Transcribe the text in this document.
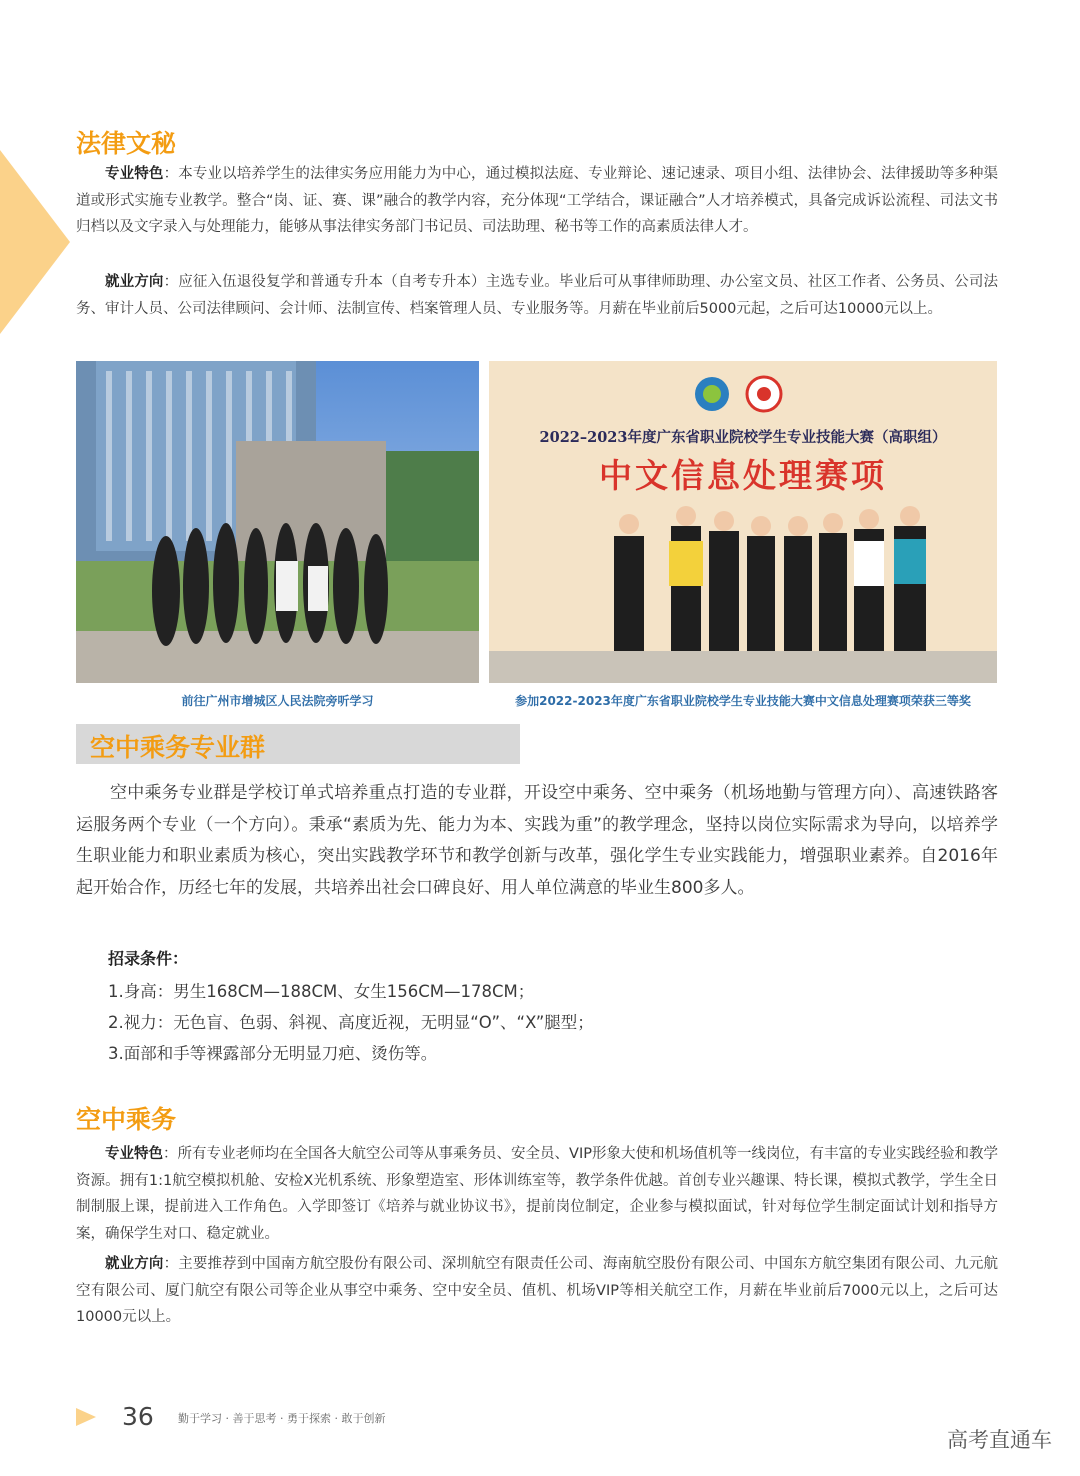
法律文秘

专业特色：本专业以培养学生的法律实务应用能力为中心，通过模拟法庭、专业辩论、速记速录、项目小组、法律协会、法律援助等多种渠道或形式实施专业教学。整合“岗、证、赛、课”融合的教学内容，充分体现“工学结合，课证融合”人才培养模式，具备完成诉讼流程、司法文书归档以及文字录入与处理能力，能够从事法律实务部门书记员、司法助理、秘书等工作的高素质法律人才。

就业方向：应征入伍退役复学和普通专升本（自考专升本）主选专业。毕业后可从事律师助理、办公室文员、社区工作者、公务员、公司法务、审计人员、公司法律顾问、会计师、法制宣传、档案管理人员、专业服务等。月薪在毕业前后5000元起，之后可达10000元以上。

前往广州市增城区人民法院旁听学习
2022–2023年度广东省职业院校学生专业技能大赛（高职组）
中文信息处理赛项
参加2022-2023年度广东省职业院校学生专业技能大赛中文信息处理赛项荣获三等奖
空中乘务专业群

空中乘务专业群是学校订单式培养重点打造的专业群，开设空中乘务、空中乘务（机场地勤与管理方向）、高速铁路客运服务两个专业（一个方向）。秉承“素质为先、能力为本、实践为重”的教学理念，坚持以岗位实际需求为导向，以培养学生职业能力和职业素质为核心，突出实践教学环节和教学创新与改革，强化学生专业实践能力，增强职业素养。自2016年起开始合作，历经七年的发展，共培养出社会口碑良好、用人单位满意的毕业生800多人。

招录条件：
1.身高：男生168CM—188CM、女生156CM—178CM；
2.视力：无色盲、色弱、斜视、高度近视，无明显“O”、“X”腿型；
3.面部和手等裸露部分无明显刀疤、烫伤等。
空中乘务

专业特色：所有专业老师均在全国各大航空公司等从事乘务员、安全员、VIP形象大使和机场值机等一线岗位，有丰富的专业实践经验和教学资源。拥有1:1航空模拟机舱、安检X光机系统、形象塑造室、形体训练室等，教学条件优越。首创专业兴趣课、特长课，模拟式教学，学生全日制制服上课，提前进入工作角色。入学即签订《培养与就业协议书》，提前岗位制定，企业参与模拟面试，针对每位学生制定面试计划和指导方案，确保学生对口、稳定就业。

就业方向：主要推荐到中国南方航空股份有限公司、深圳航空有限责任公司、海南航空股份有限公司、中国东方航空集团有限公司、九元航空有限公司、厦门航空有限公司等企业从事空中乘务、空中安全员、值机、机场VIP等相关航空工作，月薪在毕业前后7000元以上，之后可达10000元以上。

36 勤于学习 · 善于思考 · 勇于探索 · 敢于创新
高考直通车
